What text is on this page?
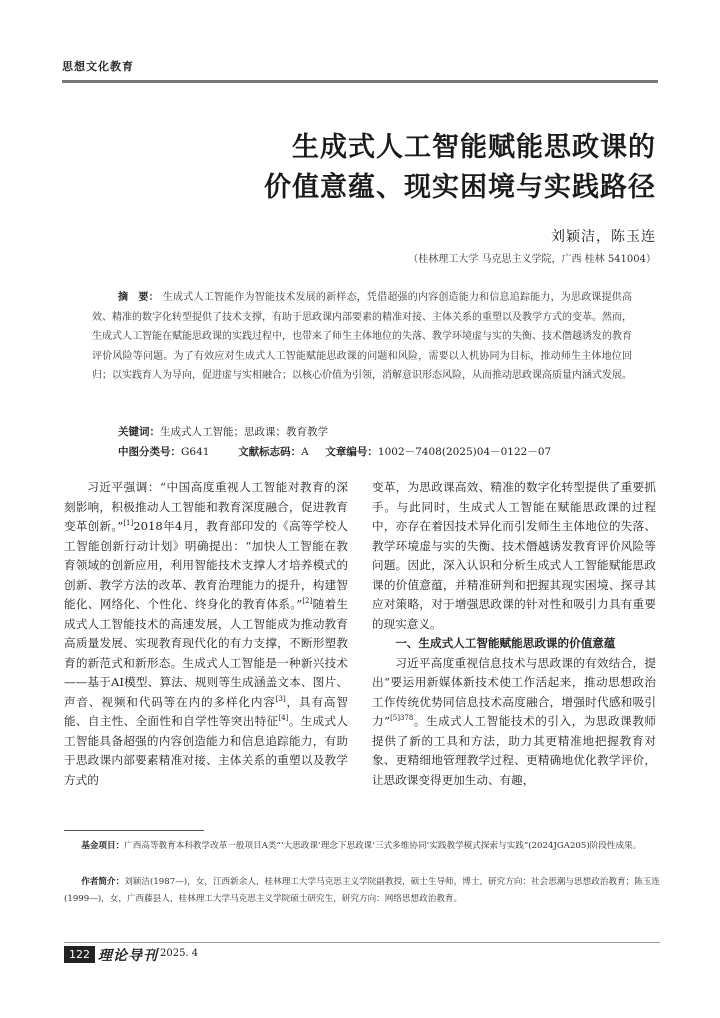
思想文化教育
生成式人工智能赋能思政课的
价值意蕴、现实困境与实践路径
刘颖洁，陈玉连
（桂林理工大学 马克思主义学院，广西 桂林 541004）
摘　要： 生成式人工智能作为智能技术发展的新样态，凭借超强的内容创造能力和信息追踪能力，为思政课提供高效、精准的数字化转型提供了技术支撑，有助于思政课内部要素的精准对接、主体关系的重塑以及教学方式的变革。然而，生成式人工智能在赋能思政课的实践过程中，也带来了师生主体地位的失落、教学环境虚与实的失衡、技术僭越诱发的教育评价风险等问题。为了有效应对生成式人工智能赋能思政课的问题和风险，需要以人机协同为目标，推动师生主体地位回归；以实践育人为导向，促进虚与实相融合；以核心价值为引领，消解意识形态风险，从而推动思政课高质量内涵式发展。
关键词：生成式人工智能；思政课；教育教学
中图分类号：G641	文献标志码：A 文章编号：1002－7408(2025)04－0122－07

习近平强调：“中国高度重视人工智能对教育的深刻影响，积极推动人工智能和教育深度融合，促进教育变革创新。”[1]2018年4月，教育部印发的《高等学校人工智能创新行动计划》明确提出：“加快人工智能在教育领域的创新应用，利用智能技术支撑人才培养模式的创新、教学方法的改革、教育治理能力的提升，构建智能化、网络化、个性化、终身化的教育体系。”[2]随着生成式人工智能技术的高速发展，人工智能成为推动教育高质量发展、实现教育现代化的有力支撑，不断形塑教育的新范式和新形态。生成式人工智能是一种新兴技术——基于AI模型、算法、规则等生成涵盖文本、图片、声音、视频和代码等在内的多样化内容[3]，具有高智能、自主性、全面性和自学性等突出特征[4]。生成式人工智能具备超强的内容创造能力和信息追踪能力，有助于思政课内部要素精准对接、主体关系的重塑以及教学方式的

变革，为思政课高效、精准的数字化转型提供了重要抓手。与此同时，生成式人工智能在赋能思政课的过程中，亦存在着因技术异化而引发师生主体地位的失落、教学环境虚与实的失衡、技术僭越诱发教育评价风险等问题。因此，深入认识和分析生成式人工智能赋能思政课的价值意蕴，并精准研判和把握其现实困境、探寻其应对策略，对于增强思政课的针对性和吸引力具有重要的现实意义。

一、生成式人工智能赋能思政课的价值意蕴

习近平高度重视信息技术与思政课的有效结合，提出“要运用新媒体新技术使工作活起来，推动思想政治工作传统优势同信息技术高度融合，增强时代感和吸引力”$^{[5]378}$。生成式人工智能技术的引入，为思政课教师提供了新的工具和方法，助力其更精准地把握教育对象、更精细地管理教学过程、更精确地优化教学评价，让思政课变得更加生动、有趣，

基金项目：广西高等教育本科教学改革一般项目A类“‘大思政课’理念下思政课‘三式多维协同’实践教学模式探索与实践”(2024JGA205)阶段性成果。
作者简介：刘颖洁(1987—)，女，江西新余人，桂林理工大学马克思主义学院副教授，硕士生导师，博士，研究方向：社会思潮与思想政治教育；陈玉连(1999—)，女，广西藤县人，桂林理工大学马克思主义学院硕士研究生，研究方向：网络思想政治教育。
122 理论导刊 2025. 4
